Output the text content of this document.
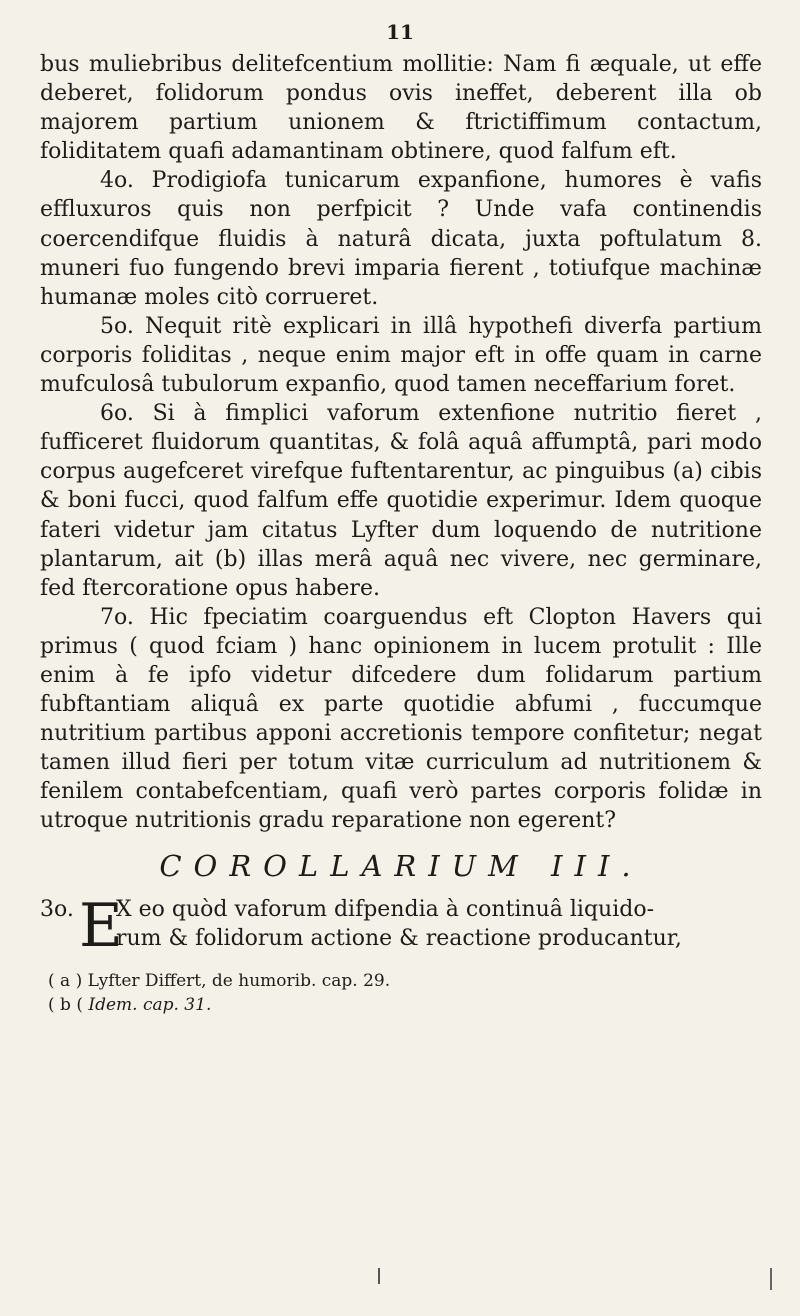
11

bus muliebribus delitefcentium mollitie: Nam fi æquale, ut effe deberet, folidorum pondus ovis ineffet, deberent illa ob majorem partium unionem & ftrictiffimum contactum, foliditatem quafi adamantinam obtinere, quod falfum eft.

4o. Prodigiofa tunicarum expanfione, humores è vafis effluxuros quis non perfpicit ? Unde vafa continendis coercendifque fluidis à naturâ dicata, juxta poftulatum 8. muneri fuo fungendo brevi imparia fierent , totiufque machinæ humanæ moles citò corrueret.

5o. Nequit ritè explicari in illâ hypothefi diverfa partium corporis foliditas , neque enim major eft in offe quam in carne mufculosâ tubulorum expanfio, quod tamen neceffarium foret.

6o. Si à fimplici vaforum extenfione nutritio fieret , fufficeret fluidorum quantitas, & folâ aquâ affumptâ, pari modo corpus augefceret virefque fuftentarentur, ac pinguibus (a) cibis & boni fucci, quod falfum effe quotidie experimur. Idem quoque fateri videtur jam citatus Lyfter dum loquendo de nutritione plantarum, ait (b) illas merâ aquâ nec vivere, nec germinare, fed ftercoratione opus habere.

7o. Hic fpeciatim coarguendus eft Clopton Havers qui primus ( quod fciam ) hanc opinionem in lucem protulit : Ille enim à fe ipfo videtur difcedere dum folidarum partium fubftantiam aliquâ ex parte quotidie abfumi , fuccumque nutritium partibus apponi accretionis tempore confitetur; negat tamen illud fieri per totum vitæ curriculum ad nutritionem & fenilem contabefcentiam, quafi verò partes corporis folidæ in utroque nutritionis gradu reparatione non egerent?

COROLLARIUM III.
E
3o. X eo quòd vaforum difpendia à continuâ liquido-
rum & folidorum actione & reactione producantur,
( a ) Lyfter Differt, de humorib. cap. 29.
( b ( Idem. cap. 31.
